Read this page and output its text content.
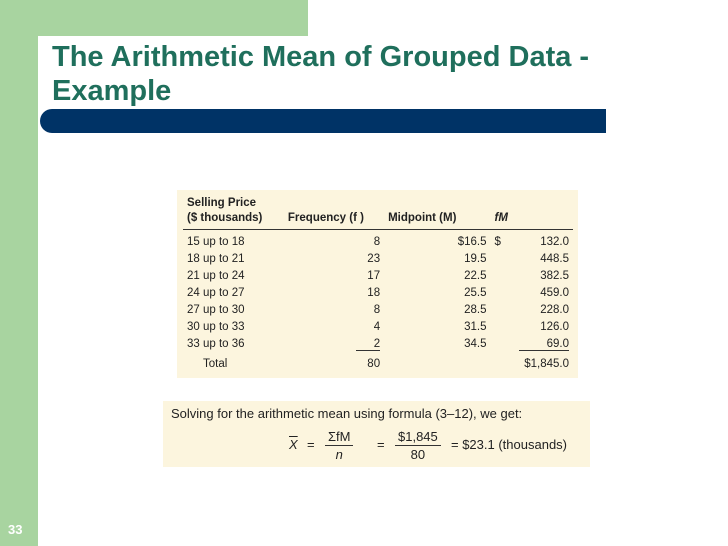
The Arithmetic Mean of Grouped Data - Example
Selling Price			
($ thousands)	Frequency (f )	Midpoint (M)	fM
15 up to 18	8	$16.5	$ 132.0

18 up to 21	23	19.5	448.5
21 up to 24	17	22.5	382.5
24 up to 27	18	25.5	459.0
27 up to 30	8	28.5	228.0
30 up to 33	4	31.5	126.0
33 up to 36	2	34.5	69.0
Total	80		$1,845.0
Solving for the arithmetic mean using formula (3–12), we get:
$\overline{X}$ =
ΣfM
n
= $\frac{\$1,845}{80}$ = $23.1 (thousands)
33
